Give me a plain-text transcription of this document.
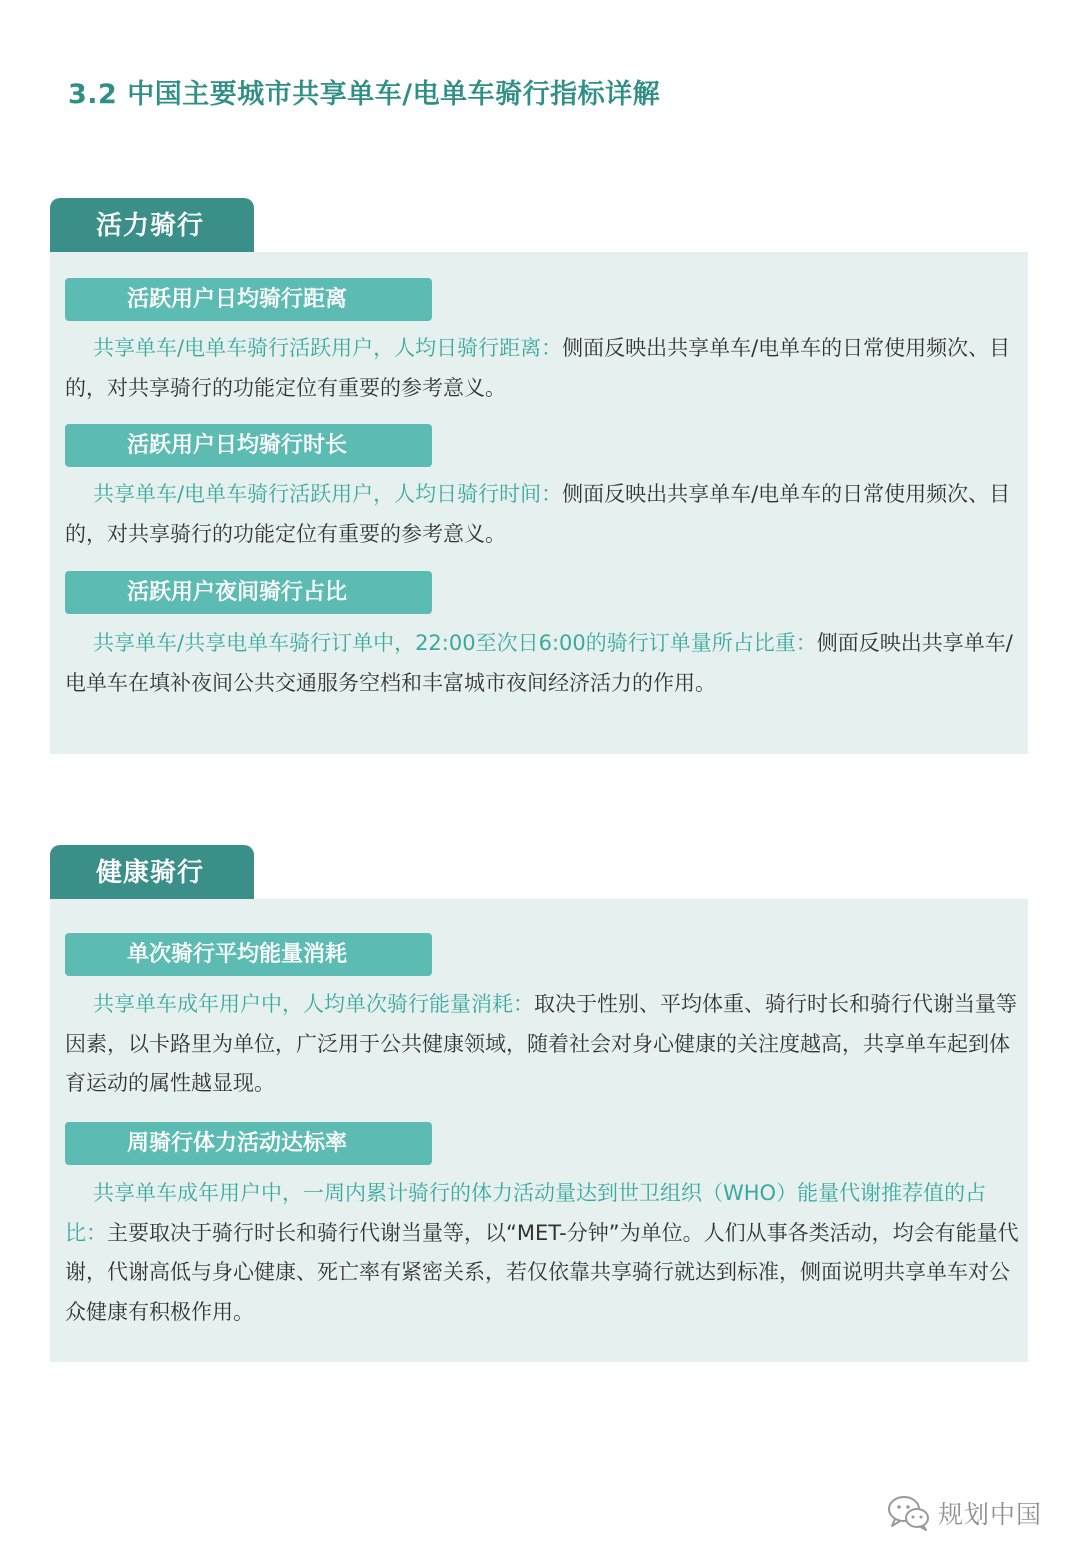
3.2 中国主要城市共享单车/电单车骑行指标详解
活力骑行
活跃用户日均骑行距离

共享单车/电单车骑行活跃用户，人均日骑行距离：侧面反映出共享单车/电单车的日常使用频次、目的，对共享骑行的功能定位有重要的参考意义。

活跃用户日均骑行时长

共享单车/电单车骑行活跃用户，人均日骑行时间：侧面反映出共享单车/电单车的日常使用频次、目的，对共享骑行的功能定位有重要的参考意义。

活跃用户夜间骑行占比

共享单车/共享电单车骑行订单中，22:00至次日6:00的骑行订单量所占比重：侧面反映出共享单车/电单车在填补夜间公共交通服务空档和丰富城市夜间经济活力的作用。

健康骑行
单次骑行平均能量消耗

共享单车成年用户中，人均单次骑行能量消耗：取决于性别、平均体重、骑行时长和骑行代谢当量等因素，以卡路里为单位，广泛用于公共健康领域，随着社会对身心健康的关注度越高，共享单车起到体育运动的属性越显现。

周骑行体力活动达标率

共享单车成年用户中，一周内累计骑行的体力活动量达到世卫组织（WHO）能量代谢推荐值的占比：主要取决于骑行时长和骑行代谢当量等，以“MET-分钟”为单位。人们从事各类活动，均会有能量代谢，代谢高低与身心健康、死亡率有紧密关系，若仅依靠共享骑行就达到标准，侧面说明共享单车对公众健康有积极作用。

规划中国
